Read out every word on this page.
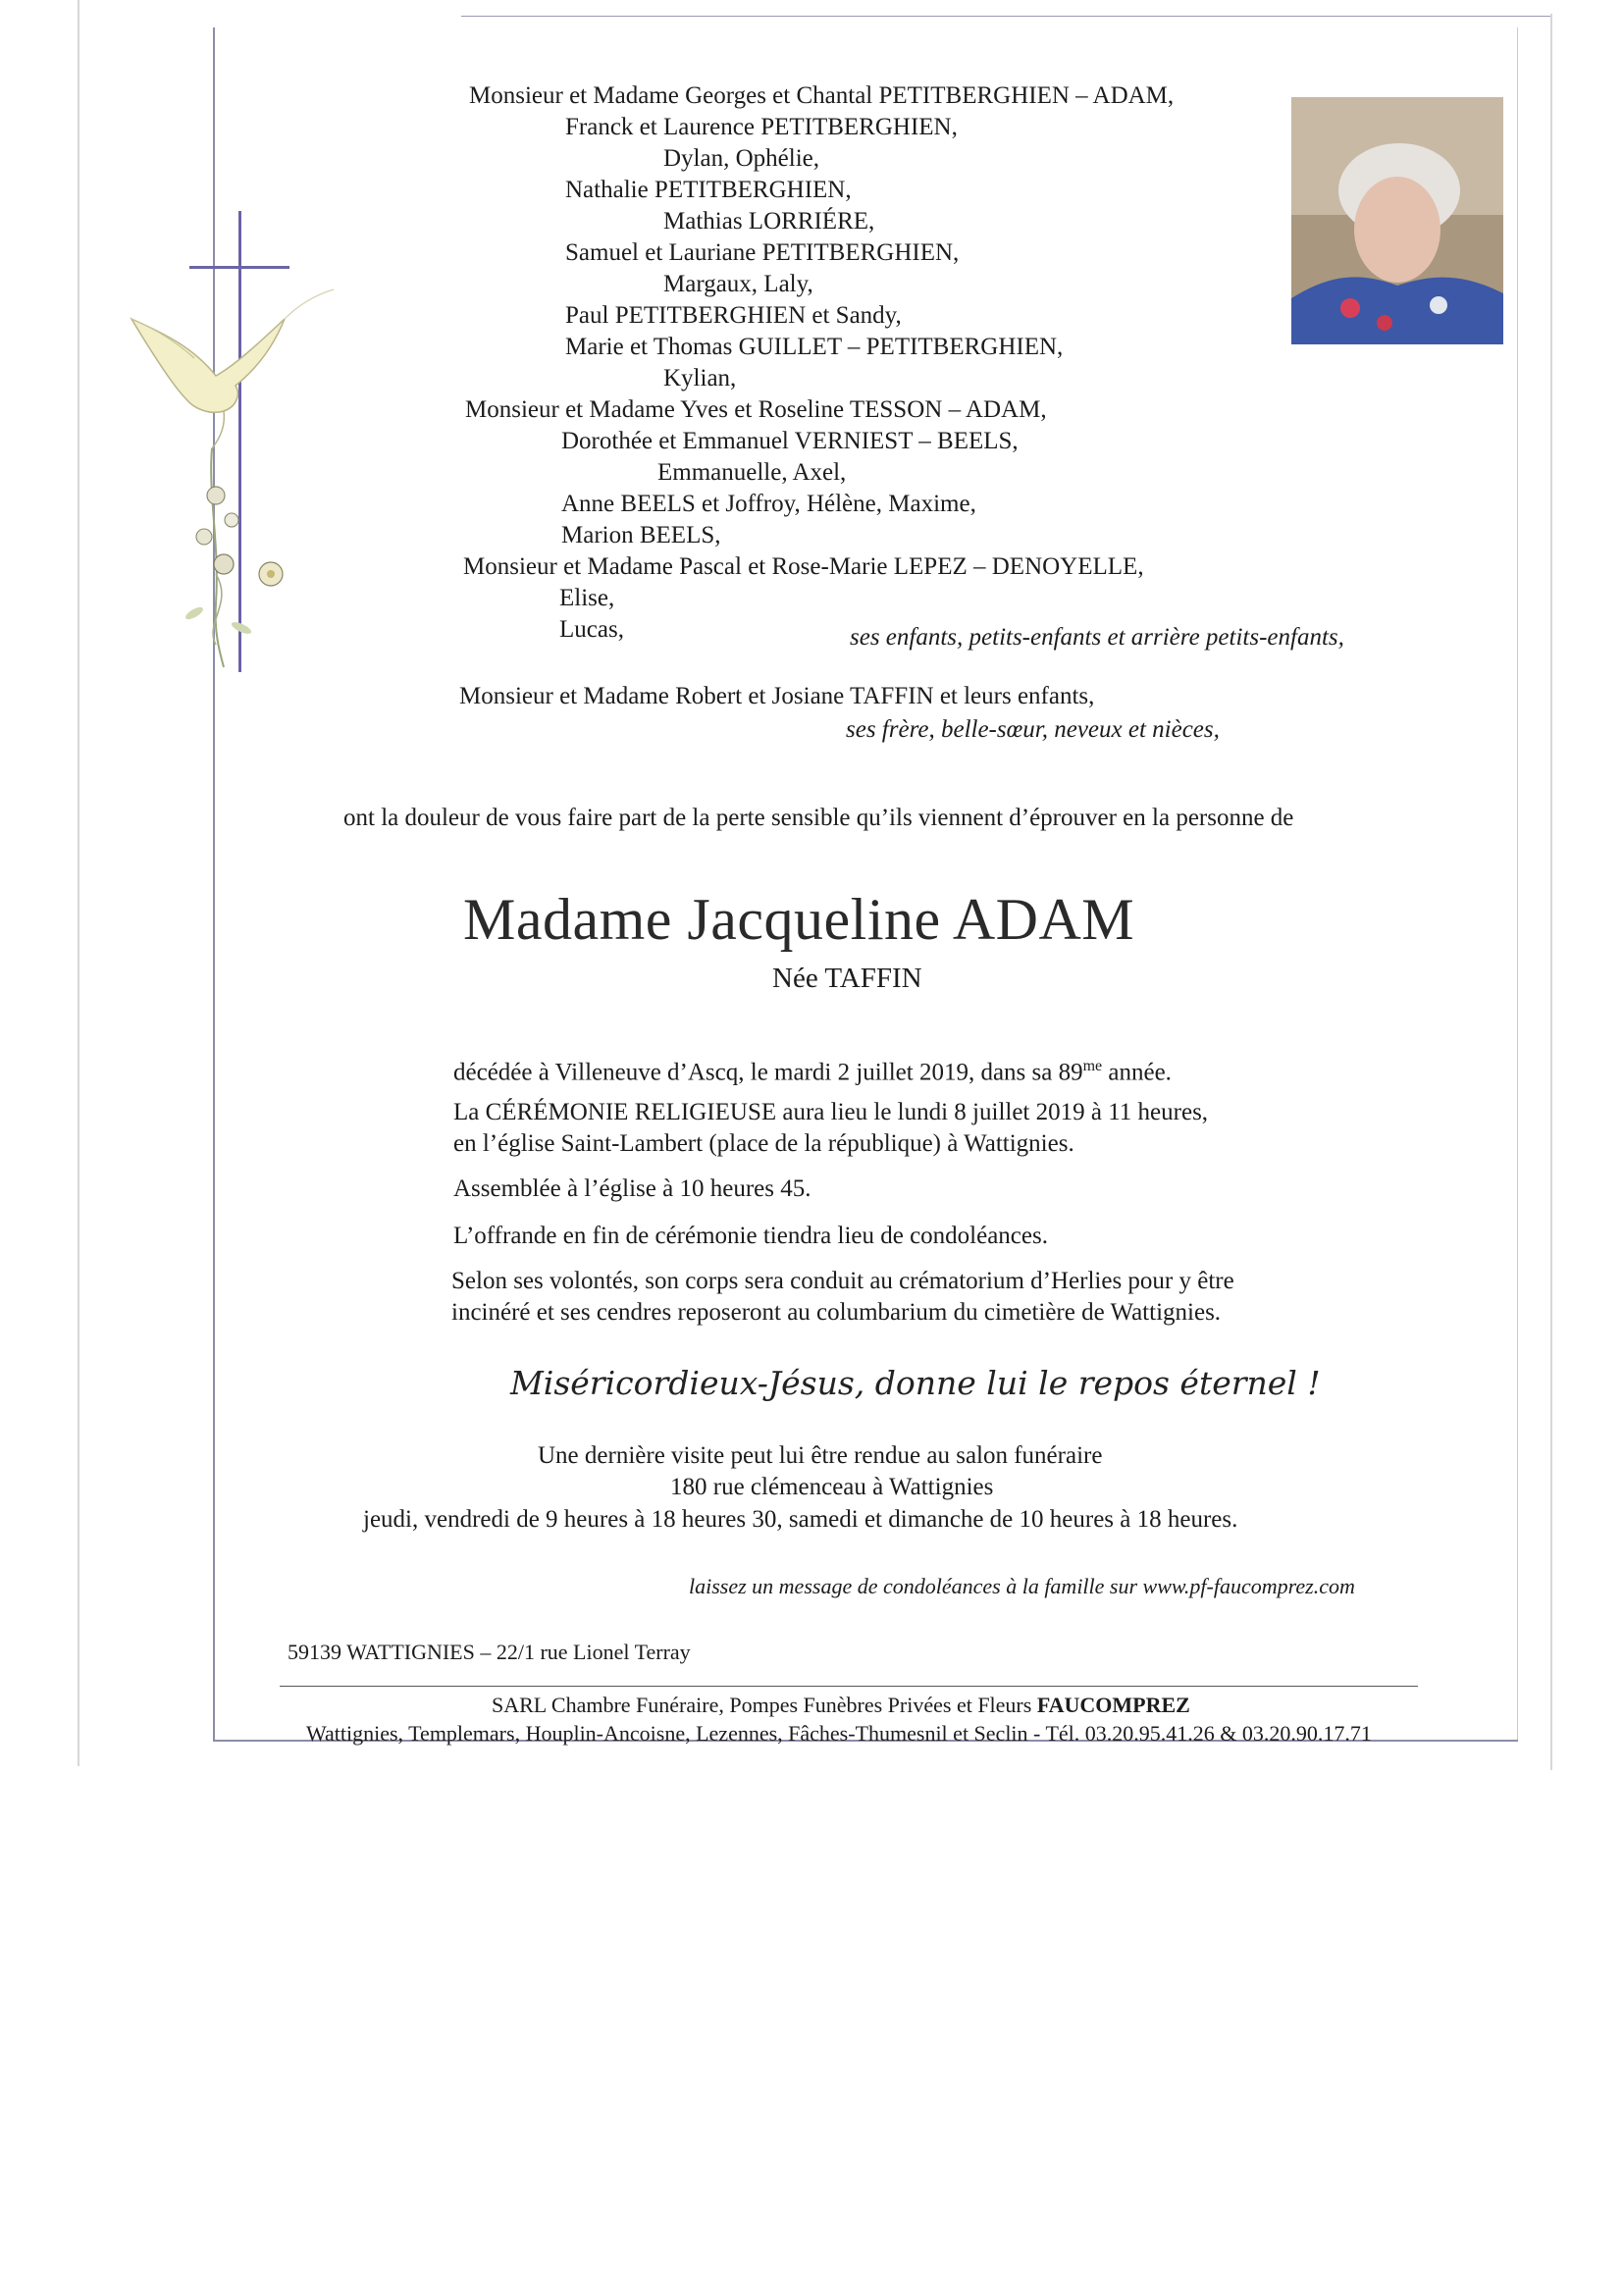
Monsieur et Madame Georges et Chantal PETITBERGHIEN – ADAM,
Franck et Laurence PETITBERGHIEN,
Dylan, Ophélie,
Nathalie PETITBERGHIEN,
Mathias LORRIÉRE,
Samuel et Lauriane PETITBERGHIEN,
Margaux, Laly,
Paul PETITBERGHIEN et Sandy,
Marie et Thomas GUILLET – PETITBERGHIEN,
Kylian,
Monsieur et Madame Yves et Roseline TESSON – ADAM,
Dorothée et Emmanuel VERNIEST – BEELS,
Emmanuelle, Axel,
Anne BEELS et Joffroy, Hélène, Maxime,
Marion BEELS,
Monsieur et Madame Pascal et Rose-Marie LEPEZ – DENOYELLE,
Elise,
Lucas,	ses enfants, petits-enfants et arrière petits-enfants,
Monsieur et Madame Robert et Josiane TAFFIN et leurs enfants,
ses frère, belle-sœur, neveux et nièces,
ont la douleur de vous faire part de la perte sensible qu’ils viennent d’éprouver en la personne de
Madame Jacqueline ADAM
Née TAFFIN
décédée à Villeneuve d’Ascq, le mardi 2 juillet 2019, dans sa $89^{me}$ année.
La CÉRÉMONIE RELIGIEUSE aura lieu le lundi 8 juillet 2019 à 11 heures,
en l’église Saint-Lambert (place de la république) à Wattignies.
Assemblée à l’église à 10 heures 45.
L’offrande en fin de cérémonie tiendra lieu de condoléances.
Selon ses volontés, son corps sera conduit au crématorium d’Herlies pour y être
incinéré et ses cendres reposeront au columbarium du cimetière de Wattignies.
Miséricordieux-Jésus, donne lui le repos éternel !
Une dernière visite peut lui être rendue au salon funéraire
180 rue clémenceau à Wattignies
jeudi, vendredi de 9 heures à 18 heures 30, samedi et dimanche de 10 heures à 18 heures.
laissez un message de condoléances à la famille sur www.pf-faucomprez.com
59139 WATTIGNIES – 22/1 rue Lionel Terray
SARL Chambre Funéraire, Pompes Funèbres Privées et Fleurs FAUCOMPREZ
Wattignies, Templemars, Houplin-Ancoisne, Lezennes, Fâches-Thumesnil et Seclin - Tél. 03.20.95.41.26 & 03.20.90.17.71
